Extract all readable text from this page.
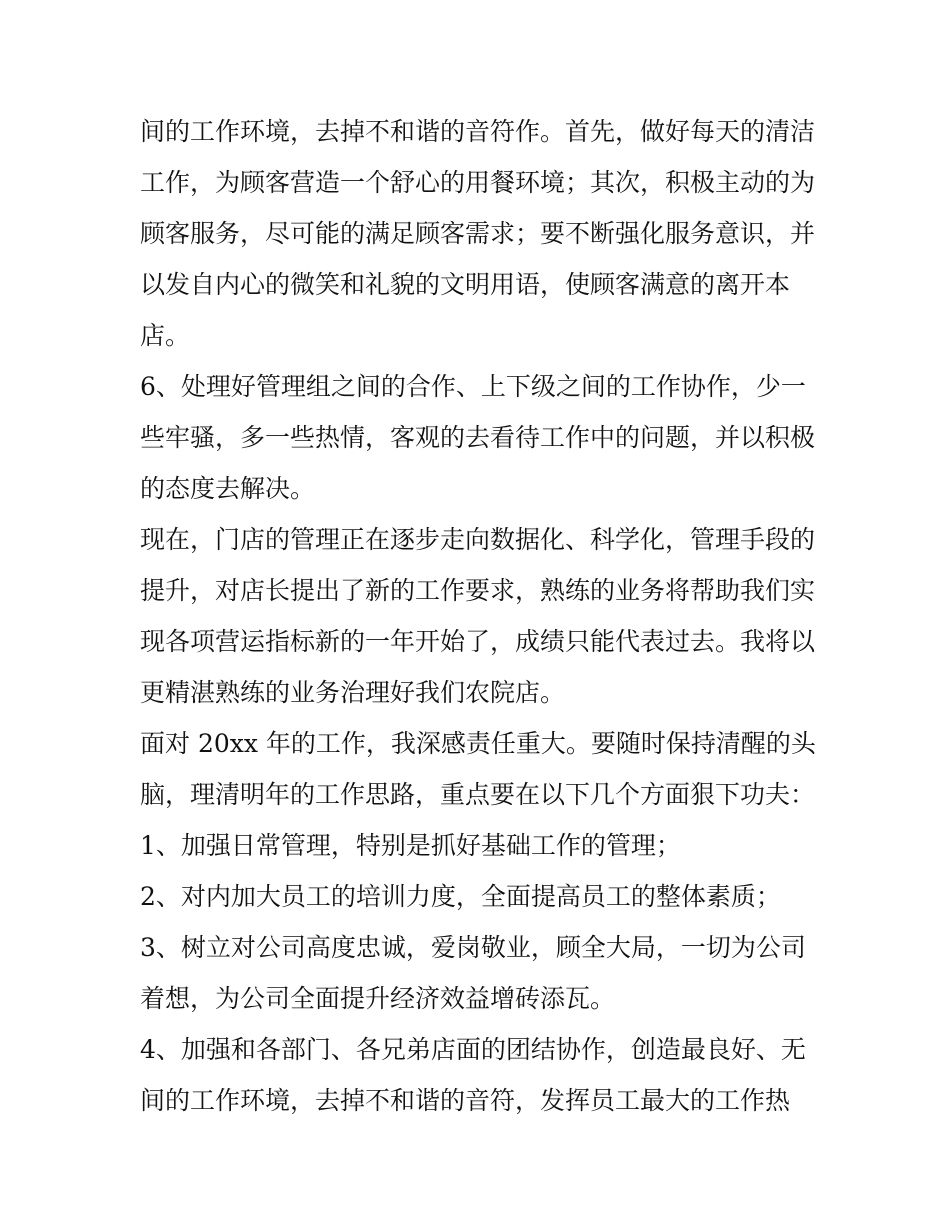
间的工作环境，去掉不和谐的音符作。首先，做好每天的清洁
工作，为顾客营造一个舒心的用餐环境；其次，积极主动的为
顾客服务，尽可能的满足顾客需求；要不断强化服务意识，并
以发自内心的微笑和礼貌的文明用语，使顾客满意的离开本
店。
6、处理好管理组之间的合作、上下级之间的工作协作，少一
些牢骚，多一些热情，客观的去看待工作中的问题，并以积极
的态度去解决。
现在，门店的管理正在逐步走向数据化、科学化，管理手段的
提升，对店长提出了新的工作要求，熟练的业务将帮助我们实
现各项营运指标新的一年开始了，成绩只能代表过去。我将以
更精湛熟练的业务治理好我们农院店。
面对 20xx 年的工作，我深感责任重大。要随时保持清醒的头
脑，理清明年的工作思路，重点要在以下几个方面狠下功夫：
1、加强日常管理，特别是抓好基础工作的管理；
2、对内加大员工的培训力度，全面提高员工的整体素质；
3、树立对公司高度忠诚，爱岗敬业，顾全大局，一切为公司
着想，为公司全面提升经济效益增砖添瓦。
4、加强和各部门、各兄弟店面的团结协作，创造最良好、无
间的工作环境，去掉不和谐的音符，发挥员工最大的工作热
